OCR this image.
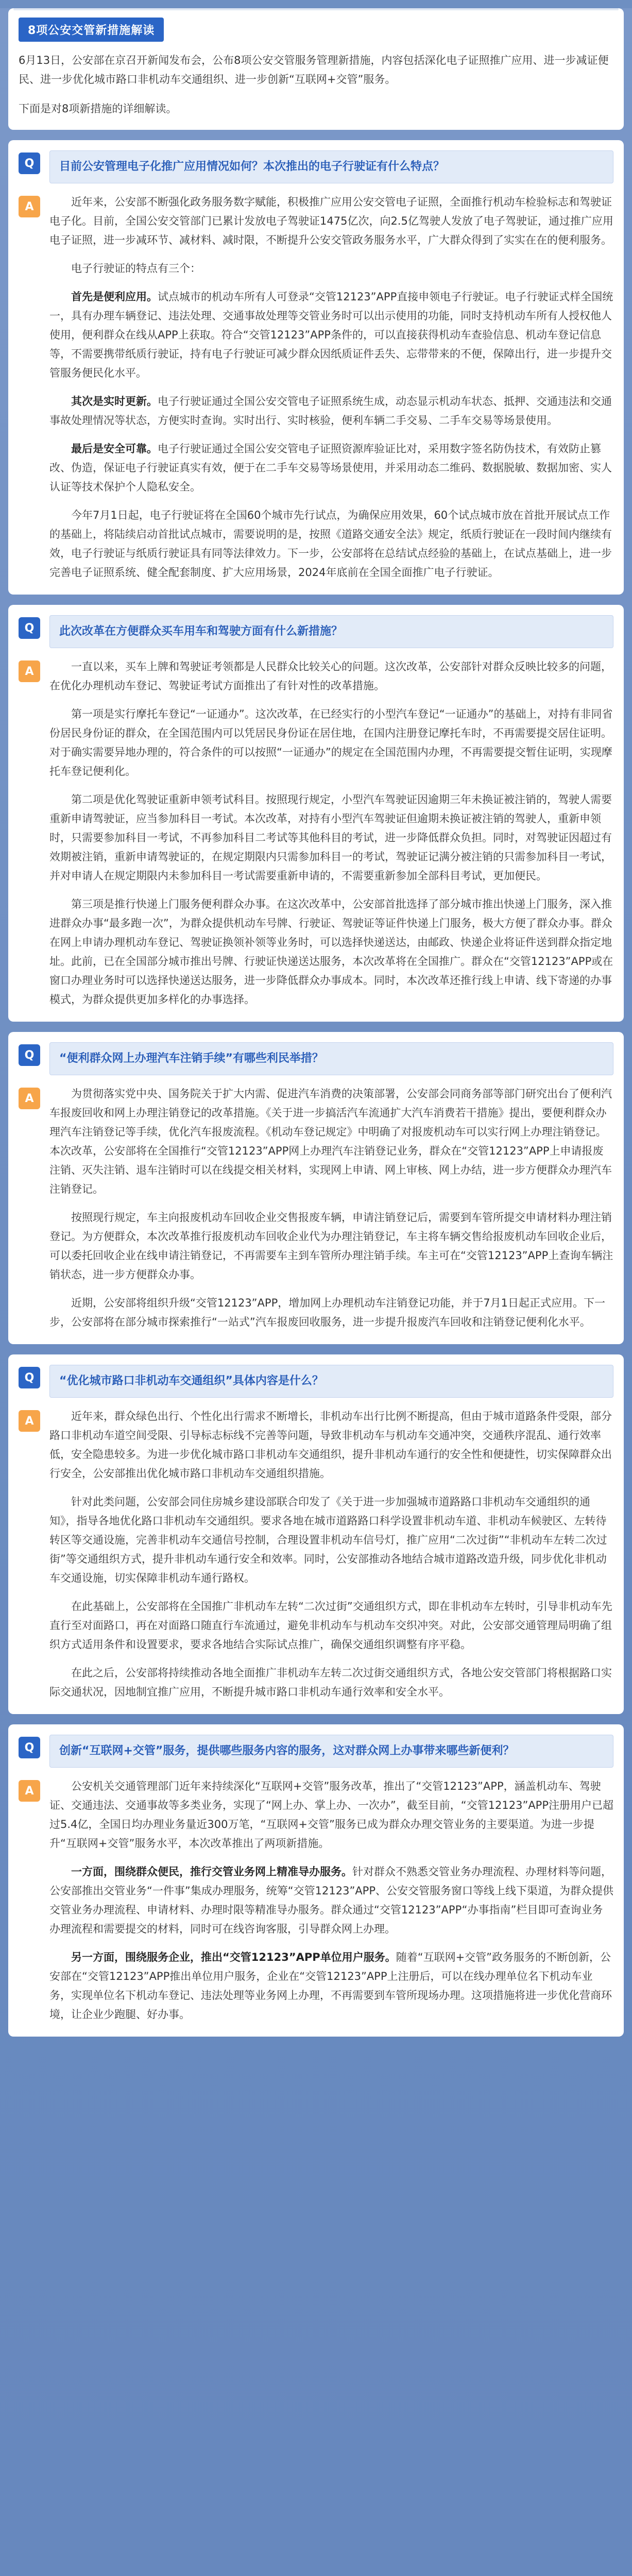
8项公安交管新措施解读
6月13日，公安部在京召开新闻发布会，公布8项公安交管服务管理新措施，内容包括深化电子证照推广应用、进一步减证便民、进一步优化城市路口非机动车交通组织、进一步创新“互联网+交管”服务。
下面是对8项新措施的详细解读。
Q	目前公安管理电子化推广应用情况如何？本次推出的电子行驶证有什么特点？
A	近年来，公安部不断强化政务服务数字赋能，积极推广应用公安交管电子证照，全面推行机动车检验标志和驾驶证电子化。目前，全国公安交管部门已累计发放电子驾驶证1475亿次，向2.5亿驾驶人发放了电子驾驶证，通过推广应用电子证照，进一步减环节、减材料、减时限，不断提升公安交管政务服务水平，广大群众得到了实实在在的便利服务。

电子行驶证的特点有三个：

首先是便利应用。试点城市的机动车所有人可登录“交管12123”APP直接申领电子行驶证。电子行驶证式样全国统一，具有办理车辆登记、违法处理、交通事故处理等交管业务时可以出示使用的功能，同时支持机动车所有人授权他人使用，便利群众在线从APP上获取。符合“交管12123”APP条件的，可以直接获得机动车查验信息、机动车登记信息等，不需要携带纸质行驶证，持有电子行驶证可减少群众因纸质证件丢失、忘带带来的不便，保障出行，进一步提升交管服务便民化水平。

其次是实时更新。电子行驶证通过全国公安交管电子证照系统生成，动态显示机动车状态、抵押、交通违法和交通事故处理情况等状态，方便实时查询。实时出行、实时核验，便利车辆二手交易、二手车交易等场景使用。

最后是安全可靠。电子行驶证通过全国公安交管电子证照资源库验证比对，采用数字签名防伪技术，有效防止篡改、伪造，保证电子行驶证真实有效，便于在二手车交易等场景使用，并采用动态二维码、数据脱敏、数据加密、实人认证等技术保护个人隐私安全。

今年7月1日起，电子行驶证将在全国60个城市先行试点，为确保应用效果，60个试点城市放在首批开展试点工作的基础上，将陆续启动首批试点城市，需要说明的是，按照《道路交通安全法》规定，纸质行驶证在一段时间内继续有效，电子行驶证与纸质行驶证具有同等法律效力。下一步，公安部将在总结试点经验的基础上，在试点基础上，进一步完善电子证照系统、健全配套制度、扩大应用场景，2024年底前在全国全面推广电子行驶证。

Q	此次改革在方便群众买车用车和驾驶方面有什么新措施？
A	一直以来，买车上牌和驾驶证考领都是人民群众比较关心的问题。这次改革，公安部针对群众反映比较多的问题，在优化办理机动车登记、驾驶证考试方面推出了有针对性的改革措施。

第一项是实行摩托车登记“一证通办”。这次改革，在已经实行的小型汽车登记“一证通办”的基础上，对持有非同省份居民身份证的群众，在全国范围内可以凭居民身份证在居住地，在国内注册登记摩托车时，不再需要提交居住证明。对于确实需要异地办理的，符合条件的可以按照“一证通办”的规定在全国范围内办理，不再需要提交暂住证明，实现摩托车登记便利化。

第二项是优化驾驶证重新申领考试科目。按照现行规定，小型汽车驾驶证因逾期三年未换证被注销的，驾驶人需要重新申请驾驶证，应当参加科目一考试。本次改革，对持有小型汽车驾驶证但逾期未换证被注销的驾驶人，重新申领时，只需要参加科目一考试，不再参加科目二考试等其他科目的考试，进一步降低群众负担。同时，对驾驶证因超过有效期被注销，重新申请驾驶证的，在规定期限内只需参加科目一的考试，驾驶证记满分被注销的只需参加科目一考试，并对申请人在规定期限内未参加科目一考试需要重新申请的，不需要重新参加全部科目考试，更加便民。

第三项是推行快递上门服务便利群众办事。在这次改革中，公安部首批选择了部分城市推出快递上门服务，深入推进群众办事“最多跑一次”，为群众提供机动车号牌、行驶证、驾驶证等证件快递上门服务，极大方便了群众办事。群众在网上申请办理机动车登记、驾驶证换领补领等业务时，可以选择快递送达，由邮政、快递企业将证件送到群众指定地址。此前，已在全国部分城市推出号牌、行驶证快递送达服务，本次改革将在全国推广。群众在“交管12123”APP或在窗口办理业务时可以选择快递送达服务，进一步降低群众办事成本。同时，本次改革还推行线上申请、线下寄递的办事模式，为群众提供更加多样化的办事选择。

Q	“便利群众网上办理汽车注销手续”有哪些利民举措？
A	为贯彻落实党中央、国务院关于扩大内需、促进汽车消费的决策部署，公安部会同商务部等部门研究出台了便利汽车报废回收和网上办理注销登记的改革措施。《关于进一步搞活汽车流通扩大汽车消费若干措施》提出，要便利群众办理汽车注销登记等手续，优化汽车报废流程。《机动车登记规定》中明确了对报废机动车可以实行网上办理注销登记。本次改革，公安部将在全国推行“交管12123”APP网上办理汽车注销登记业务，群众在“交管12123”APP上申请报废注销、灭失注销、退车注销时可以在线提交相关材料，实现网上申请、网上审核、网上办结，进一步方便群众办理汽车注销登记。

按照现行规定，车主向报废机动车回收企业交售报废车辆，申请注销登记后，需要到车管所提交申请材料办理注销登记。为方便群众，本次改革推行报废机动车回收企业代为办理注销登记，车主将车辆交售给报废机动车回收企业后，可以委托回收企业在线申请注销登记，不再需要车主到车管所办理注销手续。车主可在“交管12123”APP上查询车辆注销状态，进一步方便群众办事。

近期，公安部将组织升级“交管12123”APP，增加网上办理机动车注销登记功能，并于7月1日起正式应用。下一步，公安部将在部分城市探索推行“一站式”汽车报废回收服务，进一步提升报废汽车回收和注销登记便利化水平。

Q	“优化城市路口非机动车交通组织”具体内容是什么？
A	近年来，群众绿色出行、个性化出行需求不断增长，非机动车出行比例不断提高，但由于城市道路条件受限，部分路口非机动车道空间受限、引导标志标线不完善等问题，导致非机动车与机动车交通冲突，交通秩序混乱、通行效率低，安全隐患较多。为进一步优化城市路口非机动车交通组织，提升非机动车通行的安全性和便捷性，切实保障群众出行安全，公安部推出优化城市路口非机动车交通组织措施。

针对此类问题，公安部会同住房城乡建设部联合印发了《关于进一步加强城市道路路口非机动车交通组织的通知》，指导各地优化路口非机动车交通组织。要求各地在城市道路路口科学设置非机动车道、非机动车候驶区、左转待转区等交通设施，完善非机动车交通信号控制，合理设置非机动车信号灯，推广应用“二次过街”“非机动车左转二次过街”等交通组织方式，提升非机动车通行安全和效率。同时，公安部推动各地结合城市道路改造升级，同步优化非机动车交通设施，切实保障非机动车通行路权。

在此基础上，公安部将在全国推广非机动车左转“二次过街”交通组织方式，即在非机动车左转时，引导非机动车先直行至对面路口，再在对面路口随直行车流通过，避免非机动车与机动车交织冲突。对此，公安部交通管理局明确了组织方式适用条件和设置要求，要求各地结合实际试点推广，确保交通组织调整有序平稳。

在此之后，公安部将持续推动各地全面推广非机动车左转二次过街交通组织方式，各地公安交管部门将根据路口实际交通状况，因地制宜推广应用，不断提升城市路口非机动车通行效率和安全水平。

Q	创新“互联网+交管”服务，提供哪些服务内容的服务，这对群众网上办事带来哪些新便利？
A	公安机关交通管理部门近年来持续深化“互联网+交管”服务改革，推出了“交管12123”APP，涵盖机动车、驾驶证、交通违法、交通事故等多类业务，实现了“网上办、掌上办、一次办”，截至目前，“交管12123”APP注册用户已超过5.4亿，全国日均办理业务量近300万笔，“互联网+交管”服务已成为群众办理交管业务的主要渠道。为进一步提升“互联网+交管”服务水平，本次改革推出了两项新措施。

一方面，围绕群众便民，推行交管业务网上精准导办服务。针对群众不熟悉交管业务办理流程、办理材料等问题，公安部推出交管业务“一件事”集成办理服务，统筹“交管12123”APP、公安交管服务窗口等线上线下渠道，为群众提供交管业务办理流程、申请材料、办理时限等精准导办服务。群众通过“交管12123”APP“办事指南”栏目即可查询业务办理流程和需要提交的材料，同时可在线咨询客服，引导群众网上办理。

另一方面，围绕服务企业，推出“交管12123”APP单位用户服务。随着“互联网+交管”政务服务的不断创新，公安部在“交管12123”APP推出单位用户服务，企业在“交管12123”APP上注册后，可以在线办理单位名下机动车业务，实现单位名下机动车登记、违法处理等业务网上办理，不再需要到车管所现场办理。这项措施将进一步优化营商环境，让企业少跑腿、好办事。
